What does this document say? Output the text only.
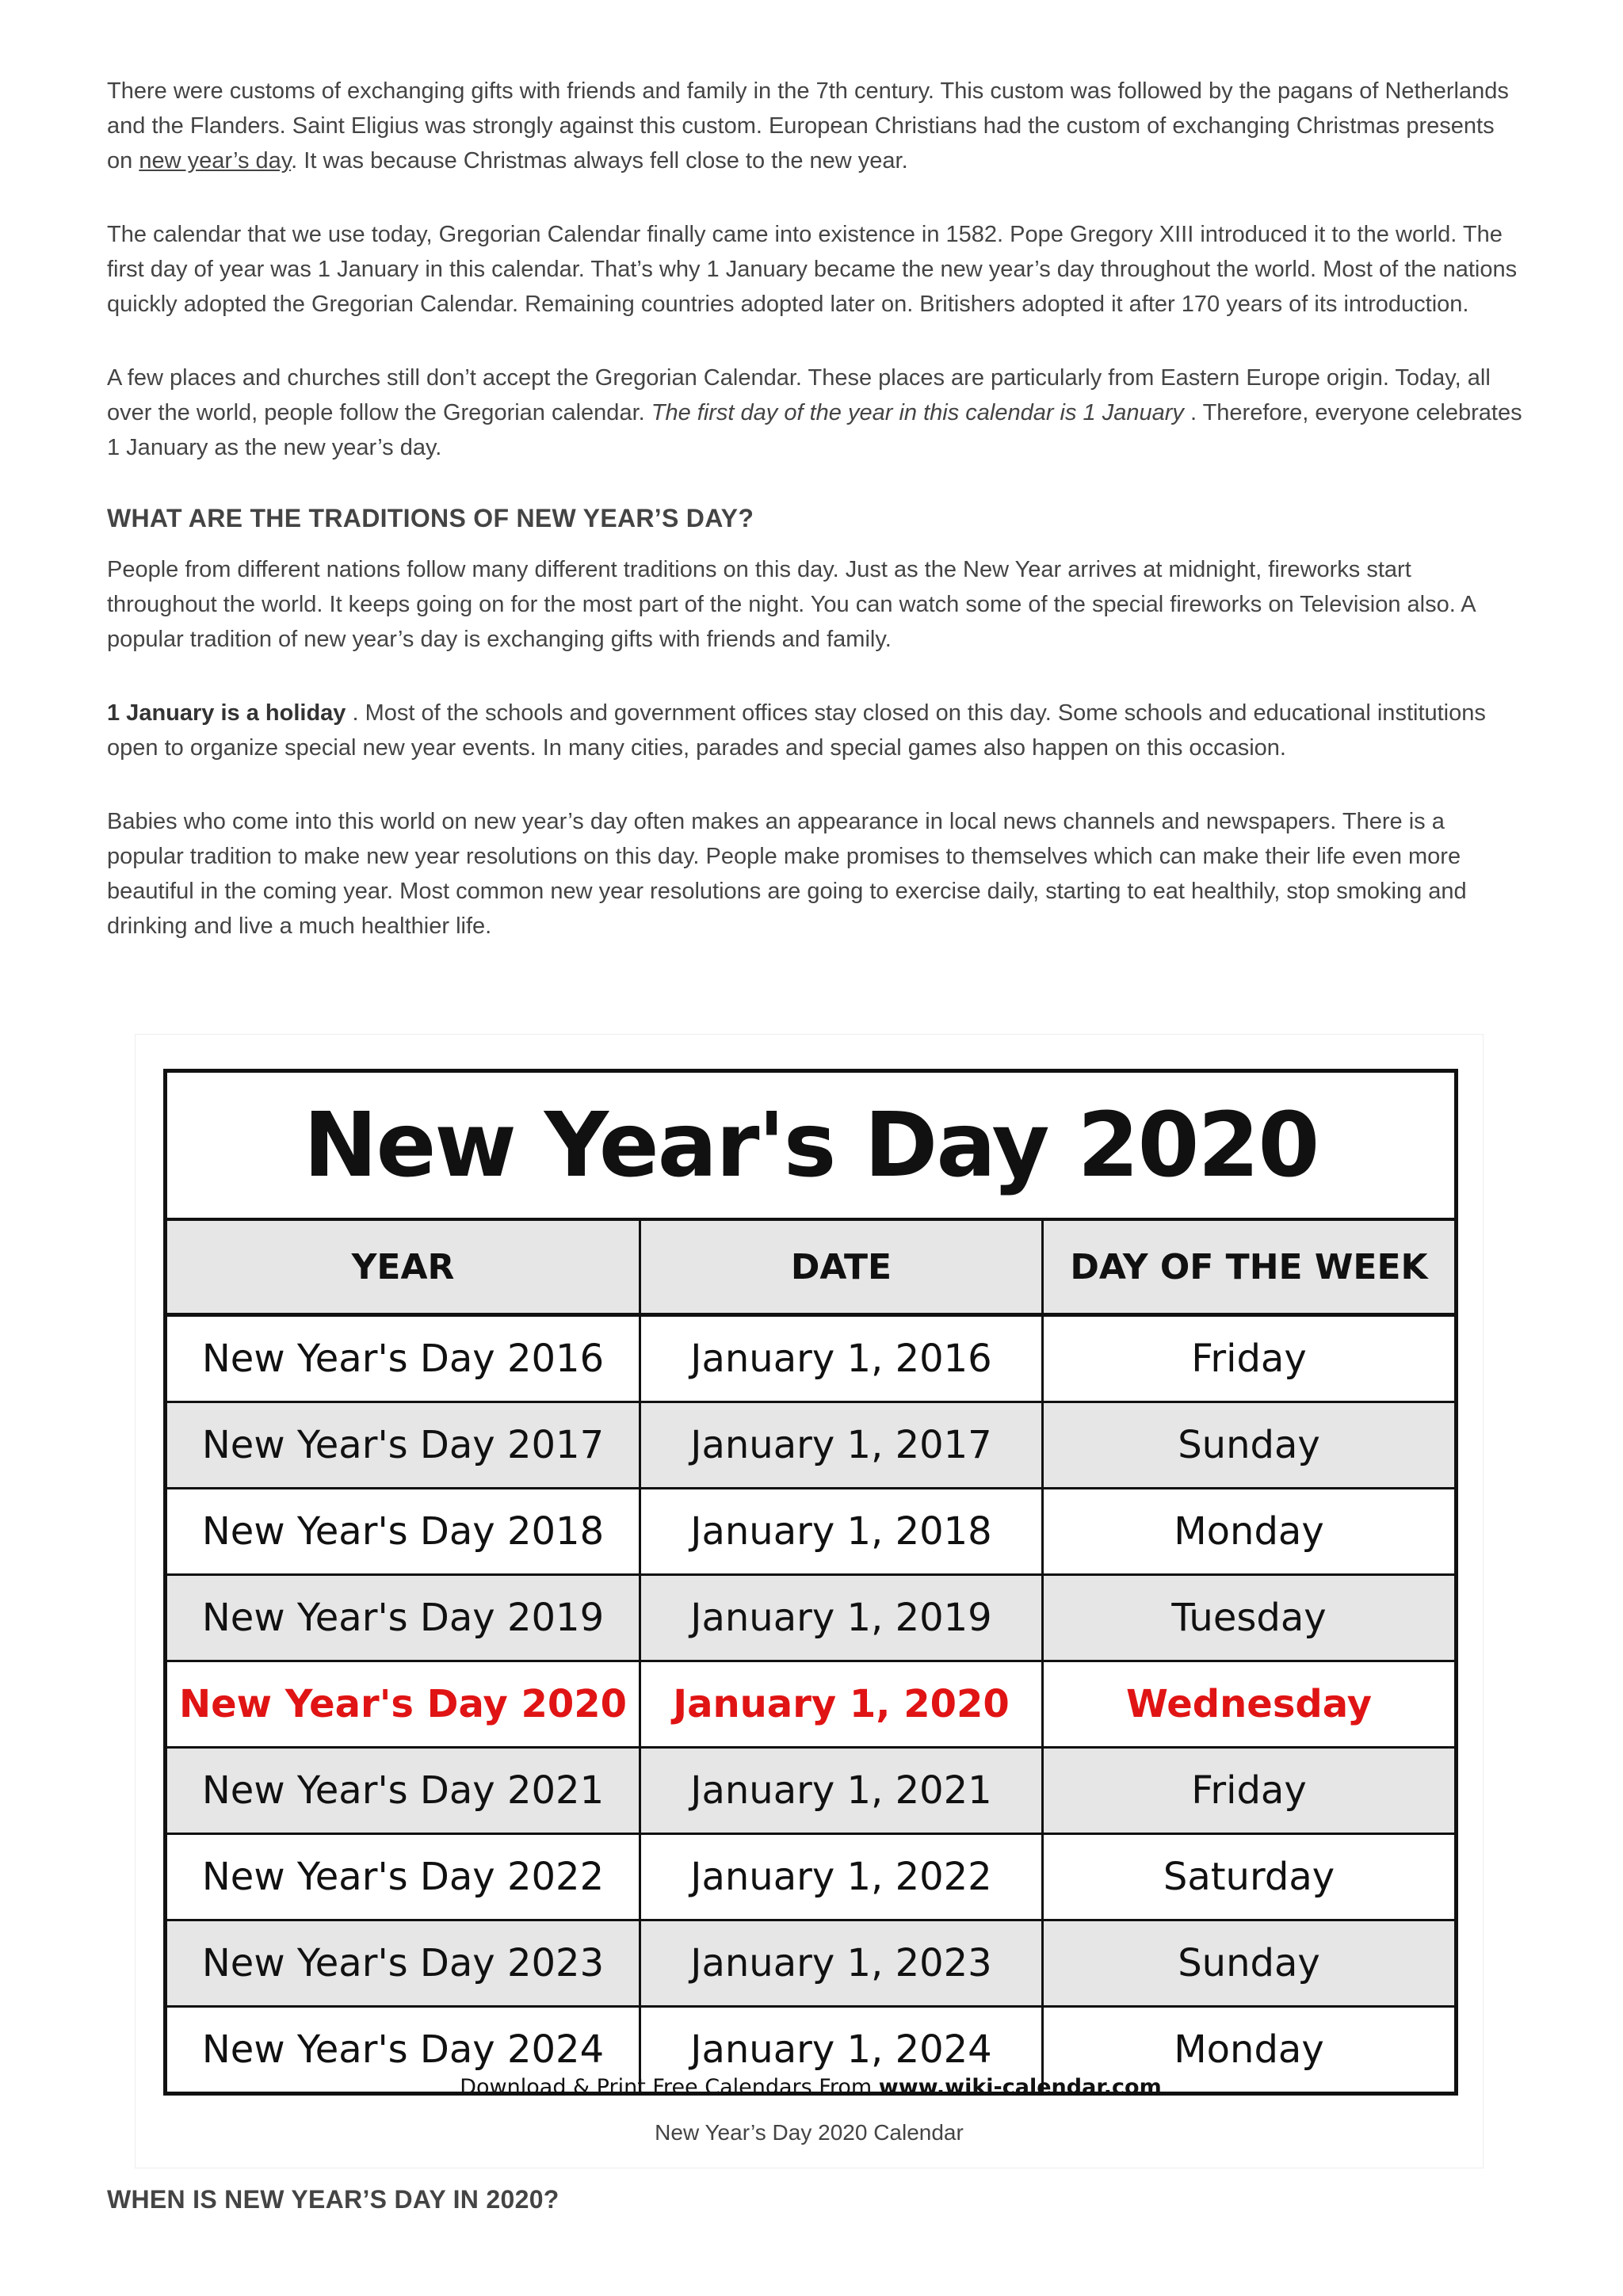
There were customs of exchanging gifts with friends and family in the 7th century. This custom was followed by the pagans of Netherlands and the Flanders. Saint Eligius was strongly against this custom. European Christians had the custom of exchanging Christmas presents on new year’s day. It was because Christmas always fell close to the new year.

The calendar that we use today, Gregorian Calendar finally came into existence in 1582. Pope Gregory XIII introduced it to the world. The first day of year was 1 January in this calendar. That’s why 1 January became the new year’s day throughout the world. Most of the nations quickly adopted the Gregorian Calendar. Remaining countries adopted later on. Britishers adopted it after 170 years of its introduction.

A few places and churches still don’t accept the Gregorian Calendar. These places are particularly from Eastern Europe origin. Today, all over the world, people follow the Gregorian calendar. The first day of the year in this calendar is 1 January . Therefore, everyone celebrates 1 January as the new year’s day.

WHAT ARE THE TRADITIONS OF NEW YEAR’S DAY?

People from different nations follow many different traditions on this day. Just as the New Year arrives at midnight, fireworks start throughout the world. It keeps going on for the most part of the night. You can watch some of the special fireworks on Television also. A popular tradition of new year’s day is exchanging gifts with friends and family.

1 January is a holiday . Most of the schools and government offices stay closed on this day. Some schools and educational institutions open to organize special new year events. In many cities, parades and special games also happen on this occasion.

Babies who come into this world on new year’s day often makes an appearance in local news channels and newspapers. There is a popular tradition to make new year resolutions on this day. People make promises to themselves which can make their life even more beautiful in the coming year. Most common new year resolutions are going to exercise daily, starting to eat healthily, stop smoking and drinking and live a much healthier life.

New Year's Day 2020
YEAR	DATE	DAY OF THE WEEK
New Year's Day 2016	January 1, 2016	Friday
New Year's Day 2017	January 1, 2017	Sunday
New Year's Day 2018	January 1, 2018	Monday
New Year's Day 2019	January 1, 2019	Tuesday
New Year's Day 2020	January 1, 2020	Wednesday
New Year's Day 2021	January 1, 2021	Friday
New Year's Day 2022	January 1, 2022	Saturday
New Year's Day 2023	January 1, 2023	Sunday
New Year's Day 2024	January 1, 2024	Monday
Download & Print Free Calendars From www.wiki-calendar.com
New Year’s Day 2020 Calendar
WHEN IS NEW YEAR’S DAY IN 2020?
